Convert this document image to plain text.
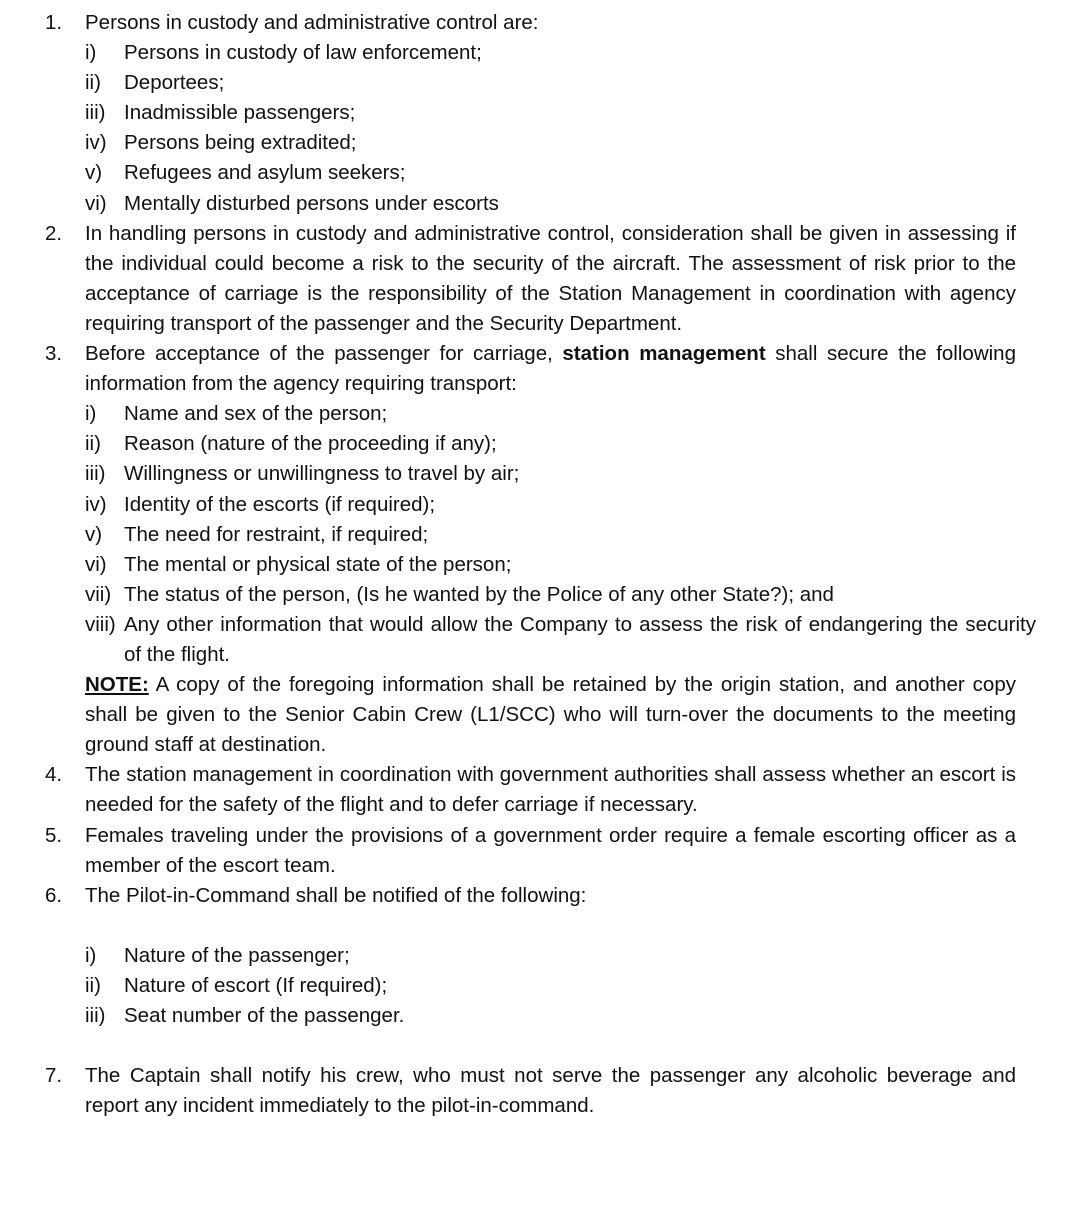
1. Persons in custody and administrative control are:
i) Persons in custody of law enforcement;
ii) Deportees;
iii) Inadmissible passengers;
iv) Persons being extradited;
v) Refugees and asylum seekers;
vi) Mentally disturbed persons under escorts
2. In handling persons in custody and administrative control, consideration shall be given in assessing if the individual could become a risk to the security of the aircraft. The assessment of risk prior to the acceptance of carriage is the responsibility of the Station Management in coordination with agency requiring transport of the passenger and the Security Department.
3. Before acceptance of the passenger for carriage, station management shall secure the following information from the agency requiring transport:
i) Name and sex of the person;
ii) Reason (nature of the proceeding if any);
iii) Willingness or unwillingness to travel by air;
iv) Identity of the escorts (if required);
v) The need for restraint, if required;
vi) The mental or physical state of the person;
vii) The status of the person, (Is he wanted by the Police of any other State?); and
viii) Any other information that would allow the Company to assess the risk of endangering the security of the flight.
NOTE: A copy of the foregoing information shall be retained by the origin station, and another copy shall be given to the Senior Cabin Crew (L1/SCC) who will turn-over the documents to the meeting ground staff at destination.
4. The station management in coordination with government authorities shall assess whether an escort is needed for the safety of the flight and to defer carriage if necessary.
5. Females traveling under the provisions of a government order require a female escorting officer as a member of the escort team.
6. The Pilot-in-Command shall be notified of the following:
i) Nature of the passenger;
ii) Nature of escort (If required);
iii) Seat number of the passenger.
7. The Captain shall notify his crew, who must not serve the passenger any alcoholic beverage and report any incident immediately to the pilot-in-command.
